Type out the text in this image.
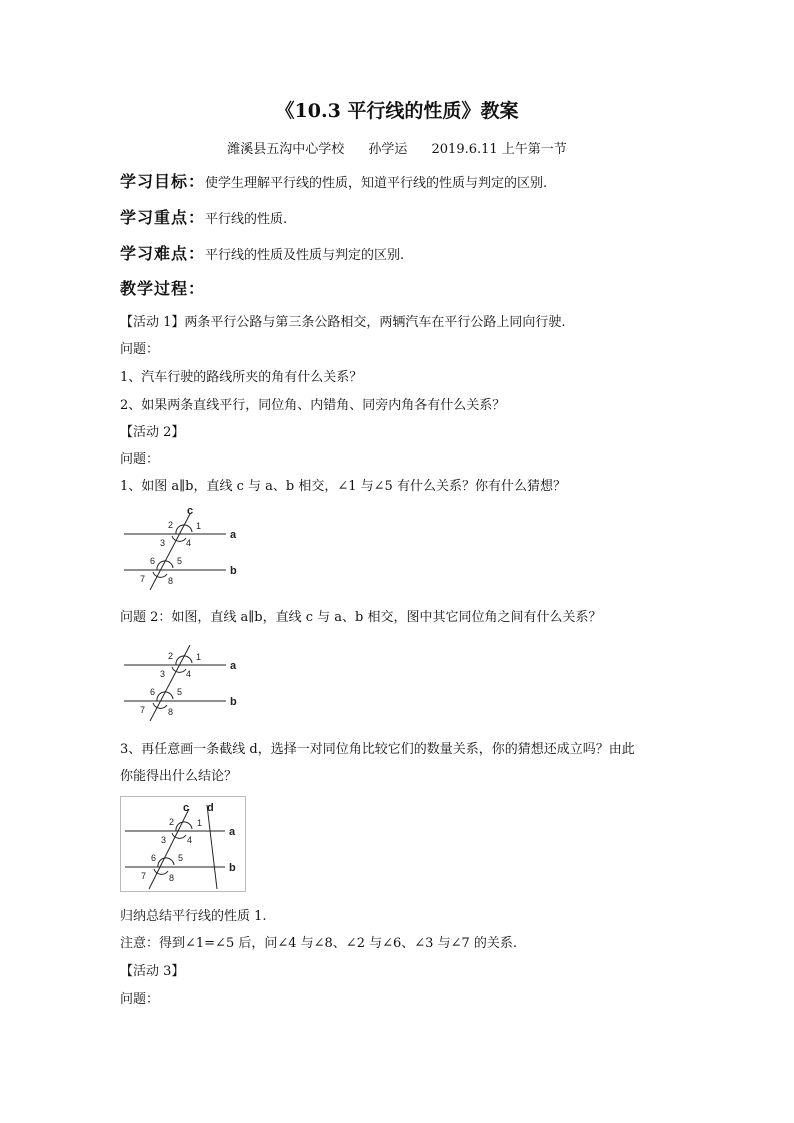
《10.3 平行线的性质》教案
潍溪县五沟中心学校 孙学运 2019.6.11 上午第一节
学习目标：使学生理解平行线的性质，知道平行线的性质与判定的区别.
学习重点：平行线的性质.
学习难点：平行线的性质及性质与判定的区别.
教学过程：
【活动 1】两条平行公路与第三条公路相交，两辆汽车在平行公路上同向行驶.
问题：
1、汽车行驶的路线所夹的角有什么关系？
2、如果两条直线平行，同位角、内错角、同旁内角各有什么关系？
【活动 2】
问题：
1、如图 a∥b，直线 c 与 a、b 相交，∠1 与∠5 有什么关系？你有什么猜想？
c
a
b
1
2
3 4
5
6
7	8
问题 2：如图，直线 a∥b，直线 c 与 a、b 相交，图中其它同位角之间有什么关系？
a
b
1
2
3 4
5
6
7	8
3、再任意画一条截线 d，选择一对同位角比较它们的数量关系，你的猜想还成立吗？由此
你能得出什么结论？
c d
a
b
1
2
3 4
5
6
7	8
归纳总结平行线的性质 1.
注意：得到∠1=∠5 后，问∠4 与∠8、∠2 与∠6、∠3 与∠7 的关系.
【活动 3】
问题：
